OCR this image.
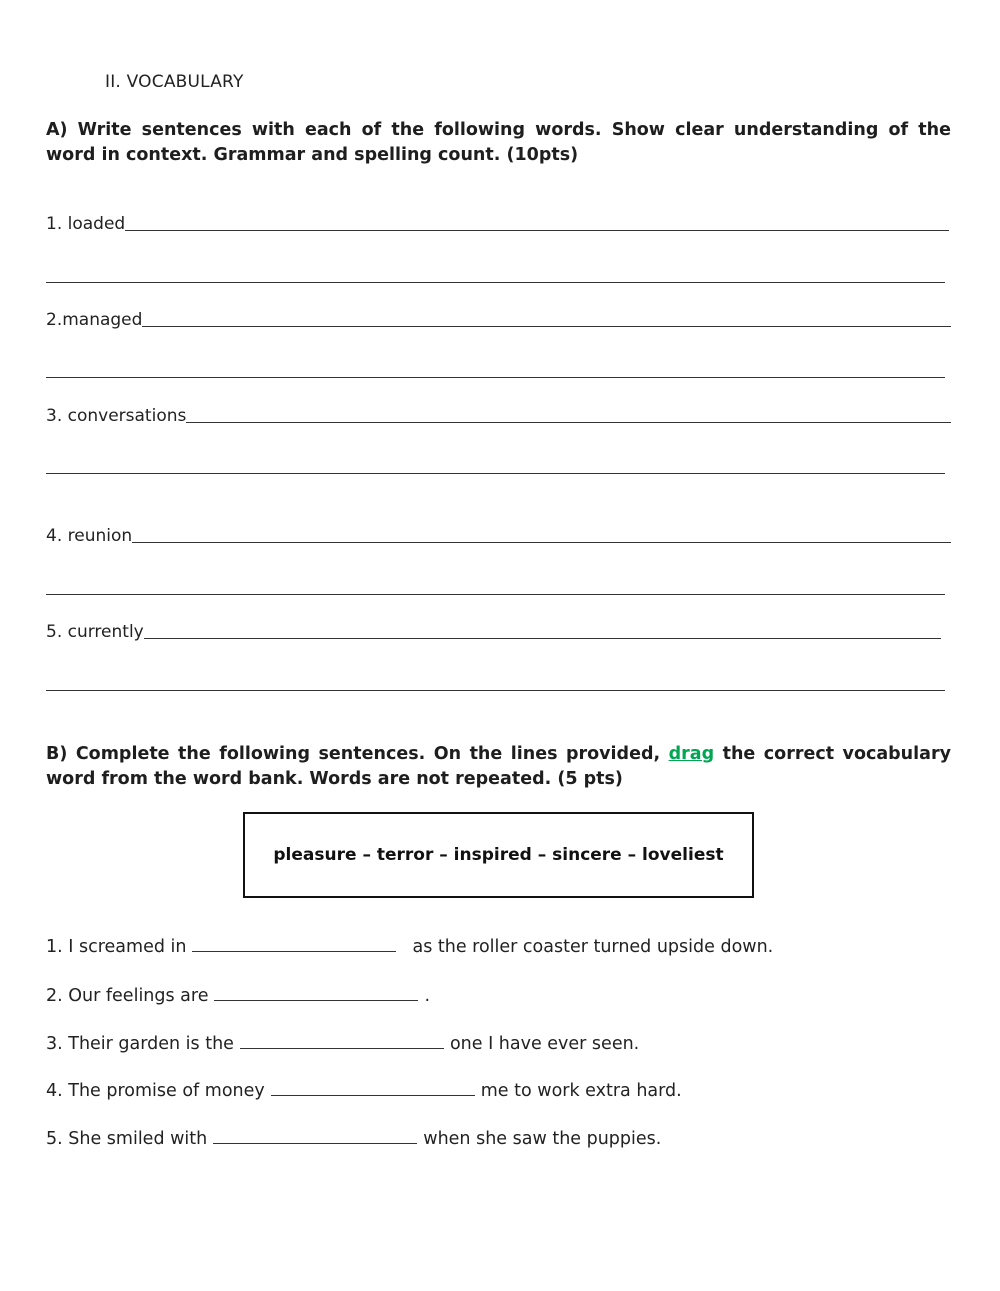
II. VOCABULARY
A) Write sentences with each of the following words. Show clear understanding of the word in context. Grammar and spelling count. (10pts)
1. loaded
2.managed
3. conversations
4. reunion
5. currently
B) Complete the following sentences. On the lines provided, drag the correct vocabulary word from the word bank. Words are not repeated. (5 pts)
pleasure – terror – inspired – sincere – loveliest
1. I screamed in	as the roller coaster turned upside down.
2. Our feelings are	.
3. Their garden is the	one I have ever seen.
4. The promise of money	me to work extra hard.
5. She smiled with	when she saw the puppies.
